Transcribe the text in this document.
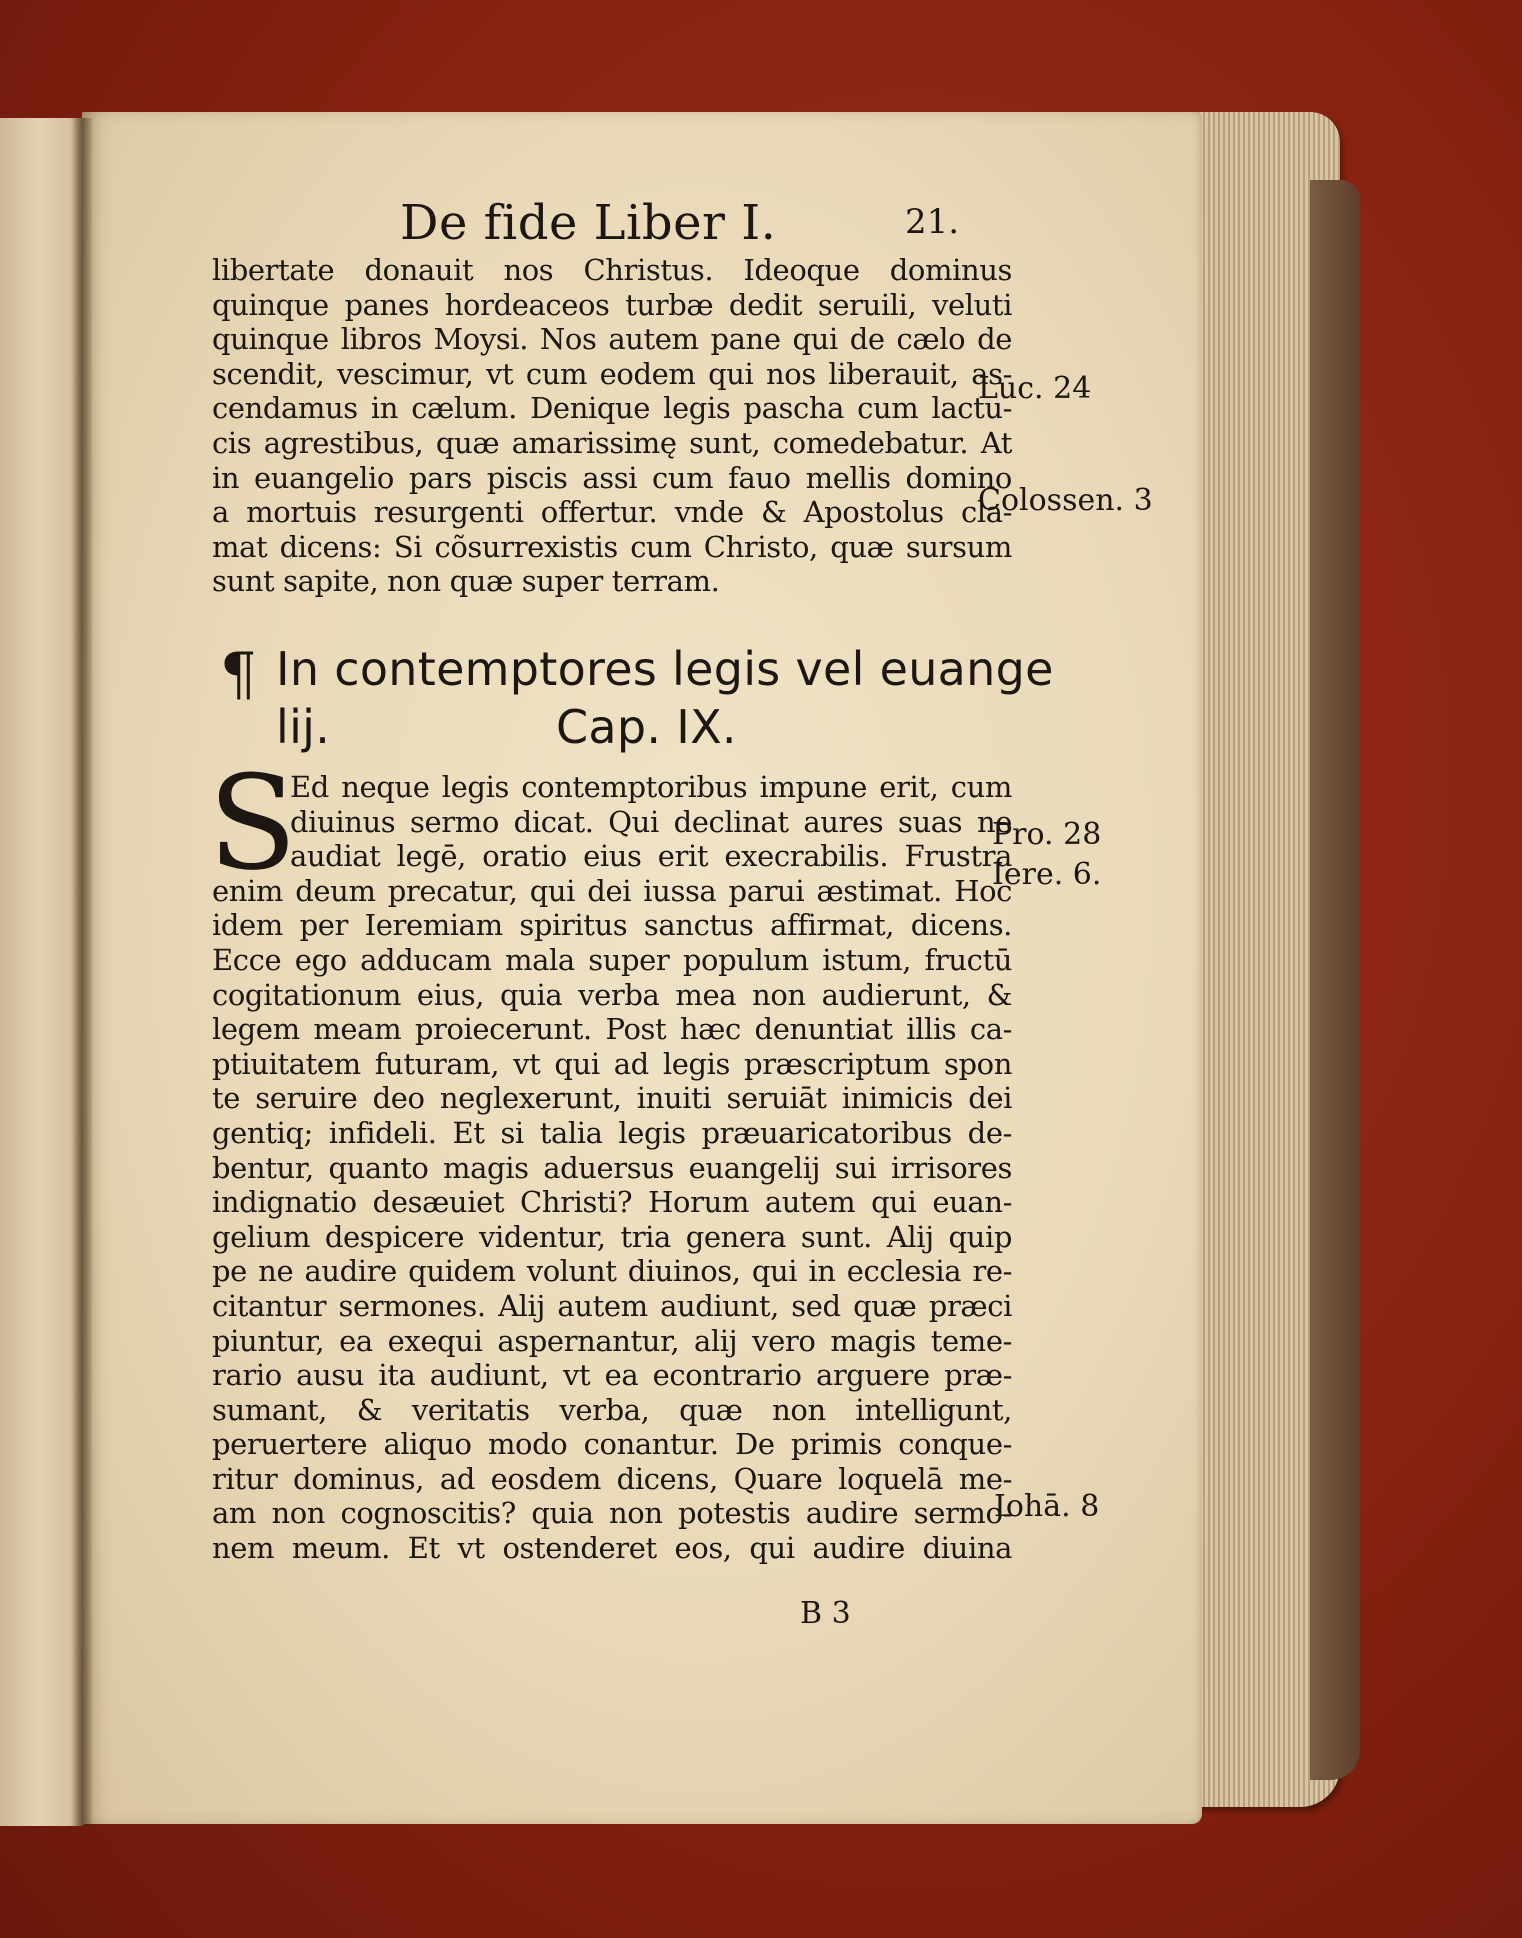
De fide Liber I.	21.
libertate donauit nos Christus. Ideoque dominus
quinque panes hordeaceos turbæ dedit seruili, veluti
quinque libros Moysi. Nos autem pane qui de cælo de
scendit, vescimur, vt cum eodem qui nos liberauit, as-
cendamus in cælum. Denique legis pascha cum lactu-
cis agrestibus, quæ amarissimę sunt, comedebatur. At
in euangelio pars piscis assi cum fauo mellis domino
a mortuis resurgenti offertur. vnde & Apostolus cla-
mat dicens: Si cõsurrexistis cum Christo, quæ sursum
sunt sapite, non quæ super terram.
¶ In contemptores legis vel euange
lij.	Cap. IX.
S
Ed neque legis contemptoribus impune erit, cum
diuinus sermo dicat. Qui declinat aures suas ne
audiat legē, oratio eius erit execrabilis. Frustra
enim deum precatur, qui dei iussa parui æstimat. Hoc
idem per Ieremiam spiritus sanctus affirmat, dicens.
Ecce ego adducam mala super populum istum, fructū
cogitationum eius, quia verba mea non audierunt, &
legem meam proiecerunt. Post hæc denuntiat illis ca-
ptiuitatem futuram, vt qui ad legis præscriptum spon
te seruire deo neglexerunt, inuiti seruiāt inimicis dei
gentiq; infideli. Et si talia legis præuaricatoribus de-
bentur, quanto magis aduersus euangelij sui irrisores
indignatio desæuiet Christi? Horum autem qui euan-
gelium despicere videntur, tria genera sunt. Alij quip
pe ne audire quidem volunt diuinos, qui in ecclesia re-
citantur sermones. Alij autem audiunt, sed quæ præci
piuntur, ea exequi aspernantur, alij vero magis teme-
rario ausu ita audiunt, vt ea econtrario arguere præ-
sumant, & veritatis verba, quæ non intelligunt,
peruertere aliquo modo conantur. De primis conque-
ritur dominus, ad eosdem dicens, Quare loquelā me-
am non cognoscitis? quia non potestis audire sermo-
nem meum. Et vt ostenderet eos, qui audire diuina
B 3
Luc. 24
Colossen. 3
Pro. 28
Iere. 6.
Iohā. 8
